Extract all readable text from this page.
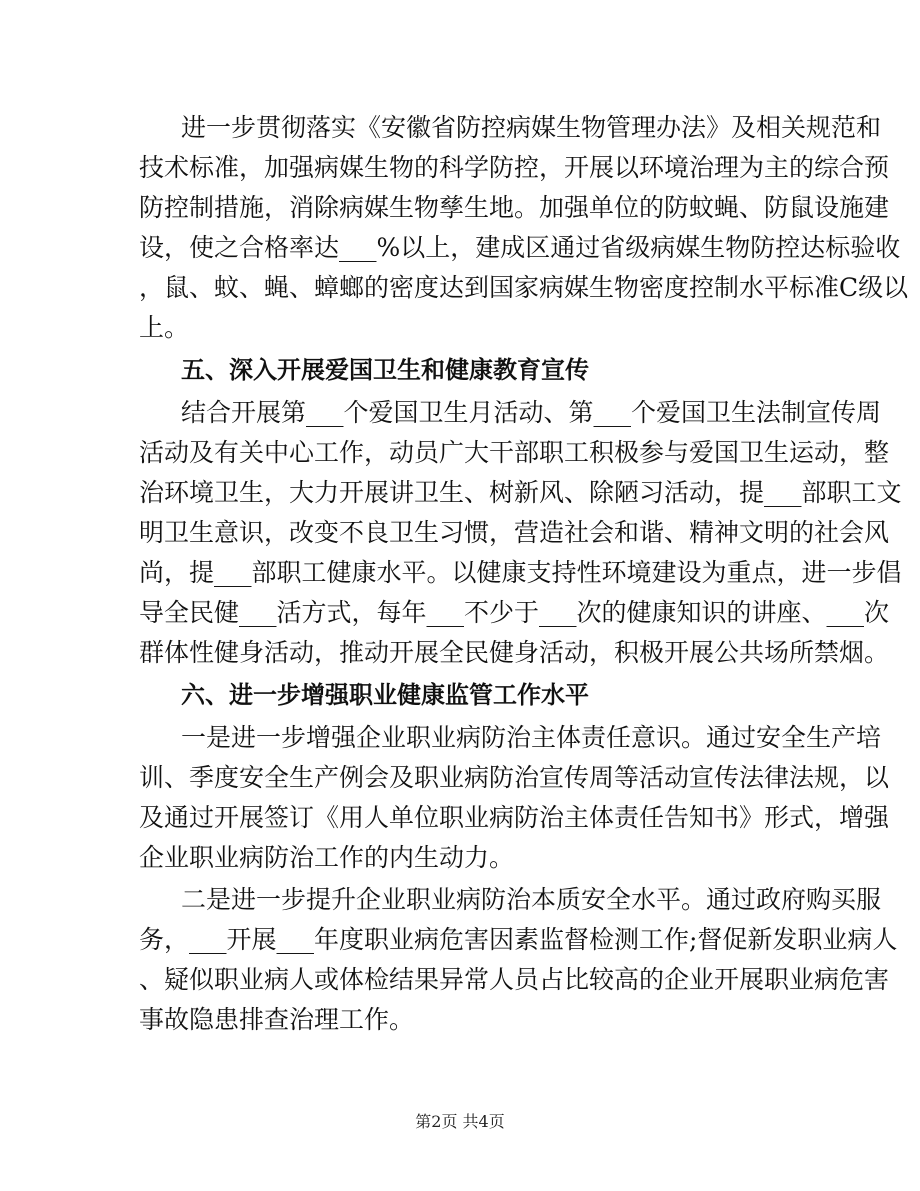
进一步贯彻落实《安徽省防控病媒生物管理办法》及相关规范和
技术标准，加强病媒生物的科学防控，开展以环境治理为主的综合预
防控制措施，消除病媒生物孳生地。加强单位的防蚊蝇、防鼠设施建
设，使之合格率达___%以上，建成区通过省级病媒生物防控达标验收
，鼠、蚊、蝇、蟑螂的密度达到国家病媒生物密度控制水平标准C级以
上。
五、深入开展爱国卫生和健康教育宣传
结合开展第___个爱国卫生月活动、第___个爱国卫生法制宣传周
活动及有关中心工作，动员广大干部职工积极参与爱国卫生运动，整
治环境卫生，大力开展讲卫生、树新风、除陋习活动，提___部职工文
明卫生意识，改变不良卫生习惯，营造社会和谐、精神文明的社会风
尚，提___部职工健康水平。以健康支持性环境建设为重点，进一步倡
导全民健___活方式，每年___不少于___次的健康知识的讲座、___次
群体性健身活动，推动开展全民健身活动，积极开展公共场所禁烟。
六、进一步增强职业健康监管工作水平
一是进一步增强企业职业病防治主体责任意识。通过安全生产培
训、季度安全生产例会及职业病防治宣传周等活动宣传法律法规，以
及通过开展签订《用人单位职业病防治主体责任告知书》形式，增强
企业职业病防治工作的内生动力。
二是进一步提升企业职业病防治本质安全水平。通过政府购买服
务，___开展___年度职业病危害因素监督检测工作;督促新发职业病人
、疑似职业病人或体检结果异常人员占比较高的企业开展职业病危害
事故隐患排查治理工作。
第2页 共4页
